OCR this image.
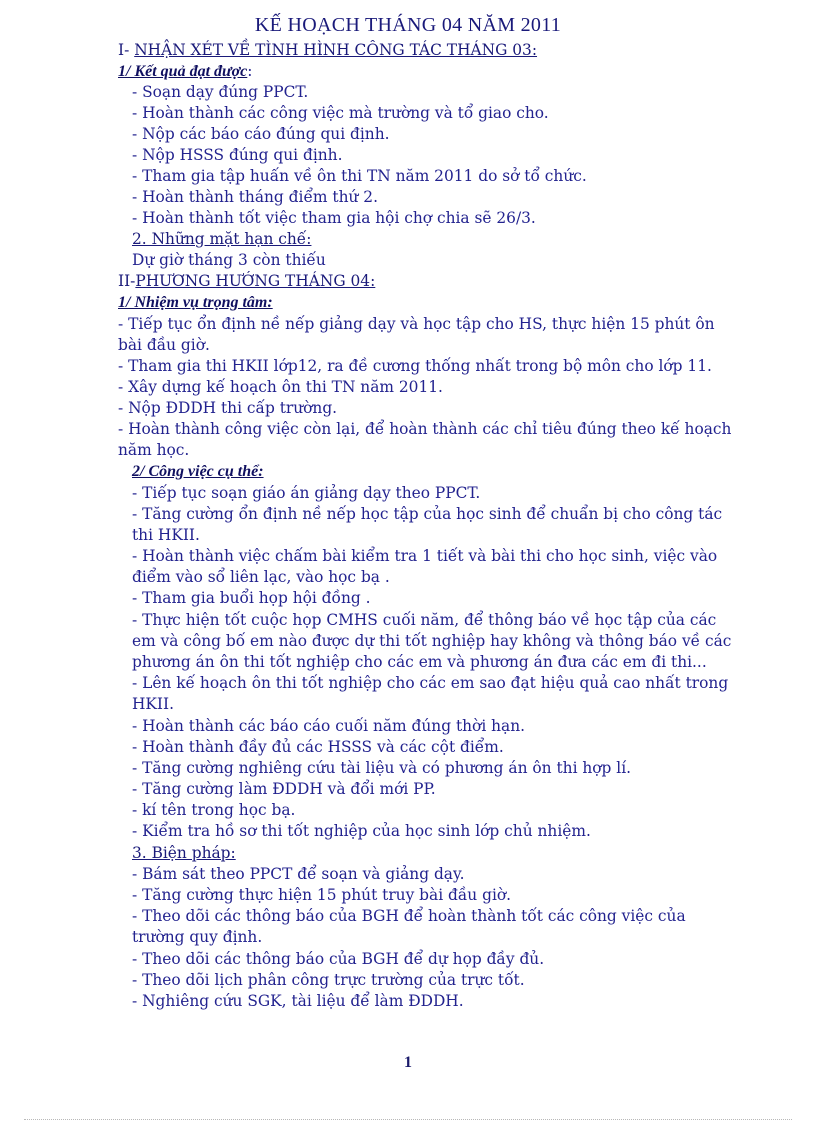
KẾ HOẠCH THÁNG 04 NĂM 2011
I- NHẬN XÉT VỀ TÌNH HÌNH CÔNG TÁC THÁNG 03:
1/ Kết quả đạt được:
- Soạn dạy đúng PPCT.
- Hoàn thành các công việc mà trường và tổ giao cho.
- Nộp các báo cáo đúng qui định.
- Nộp HSSS đúng qui định.
- Tham gia tập huấn về ôn thi TN năm 2011 do sở tổ chức.
- Hoàn thành tháng điểm thứ 2.
- Hoàn thành tốt việc tham gia hội chợ chia sẽ 26/3.
2. Những mặt hạn chế:
Dự giờ tháng 3 còn thiếu
II-PHƯƠNG HƯỚNG THÁNG 04:
1/ Nhiệm vụ trọng tâm:
- Tiếp tục ổn định nề nếp giảng dạy và học tập cho HS, thực hiện 15 phút ôn
bài đầu giờ.
- Tham gia thi HKII lớp12, ra đề cương thống nhất trong bộ môn cho lớp 11.
- Xây dựng kế hoạch ôn thi TN năm 2011.
- Nộp ĐDDH thi cấp trường.
- Hoàn thành công việc còn lại, để hoàn thành các chỉ tiêu đúng theo kế hoạch
năm học.
2/ Công việc cụ thể:
- Tiếp tục soạn giáo án giảng dạy theo PPCT.
- Tăng cường ổn định nề nếp học tập của học sinh để chuẩn bị cho công tác
thi HKII.
- Hoàn thành việc chấm bài kiểm tra 1 tiết và bài thi cho học sinh, việc vào
điểm vào sổ liên lạc, vào học bạ .
- Tham gia buổi họp hội đồng .
- Thực hiện tốt cuộc họp CMHS cuối năm, để thông báo về học tập của các
em và công bố em nào được dự thi tốt nghiệp hay không và thông báo về các
phương án ôn thi tốt nghiệp cho các em và phương án đưa các em đi thi...
- Lên kế hoạch ôn thi tốt nghiệp cho các em sao đạt hiệu quả cao nhất trong
HKII.
- Hoàn thành các báo cáo cuối năm đúng thời hạn.
- Hoàn thành đầy đủ các HSSS và các cột điểm.
- Tăng cường nghiêng cứu tài liệu và có phương án ôn thi hợp lí.
- Tăng cường làm ĐDDH và đổi mới PP.
- kí tên trong học bạ.
- Kiểm tra hồ sơ thi tốt nghiệp của học sinh lớp chủ nhiệm.
3. Biện pháp:
- Bám sát theo PPCT để soạn và giảng dạy.
- Tăng cường thực hiện 15 phút truy bài đầu giờ.
- Theo dõi các thông báo của BGH để hoàn thành tốt các công việc của
trường quy định.
- Theo dõi các thông báo của BGH để dự họp đầy đủ.
- Theo dõi lịch phân công trực trường của trực tốt.
- Nghiêng cứu SGK, tài liệu để làm ĐDDH.
1
